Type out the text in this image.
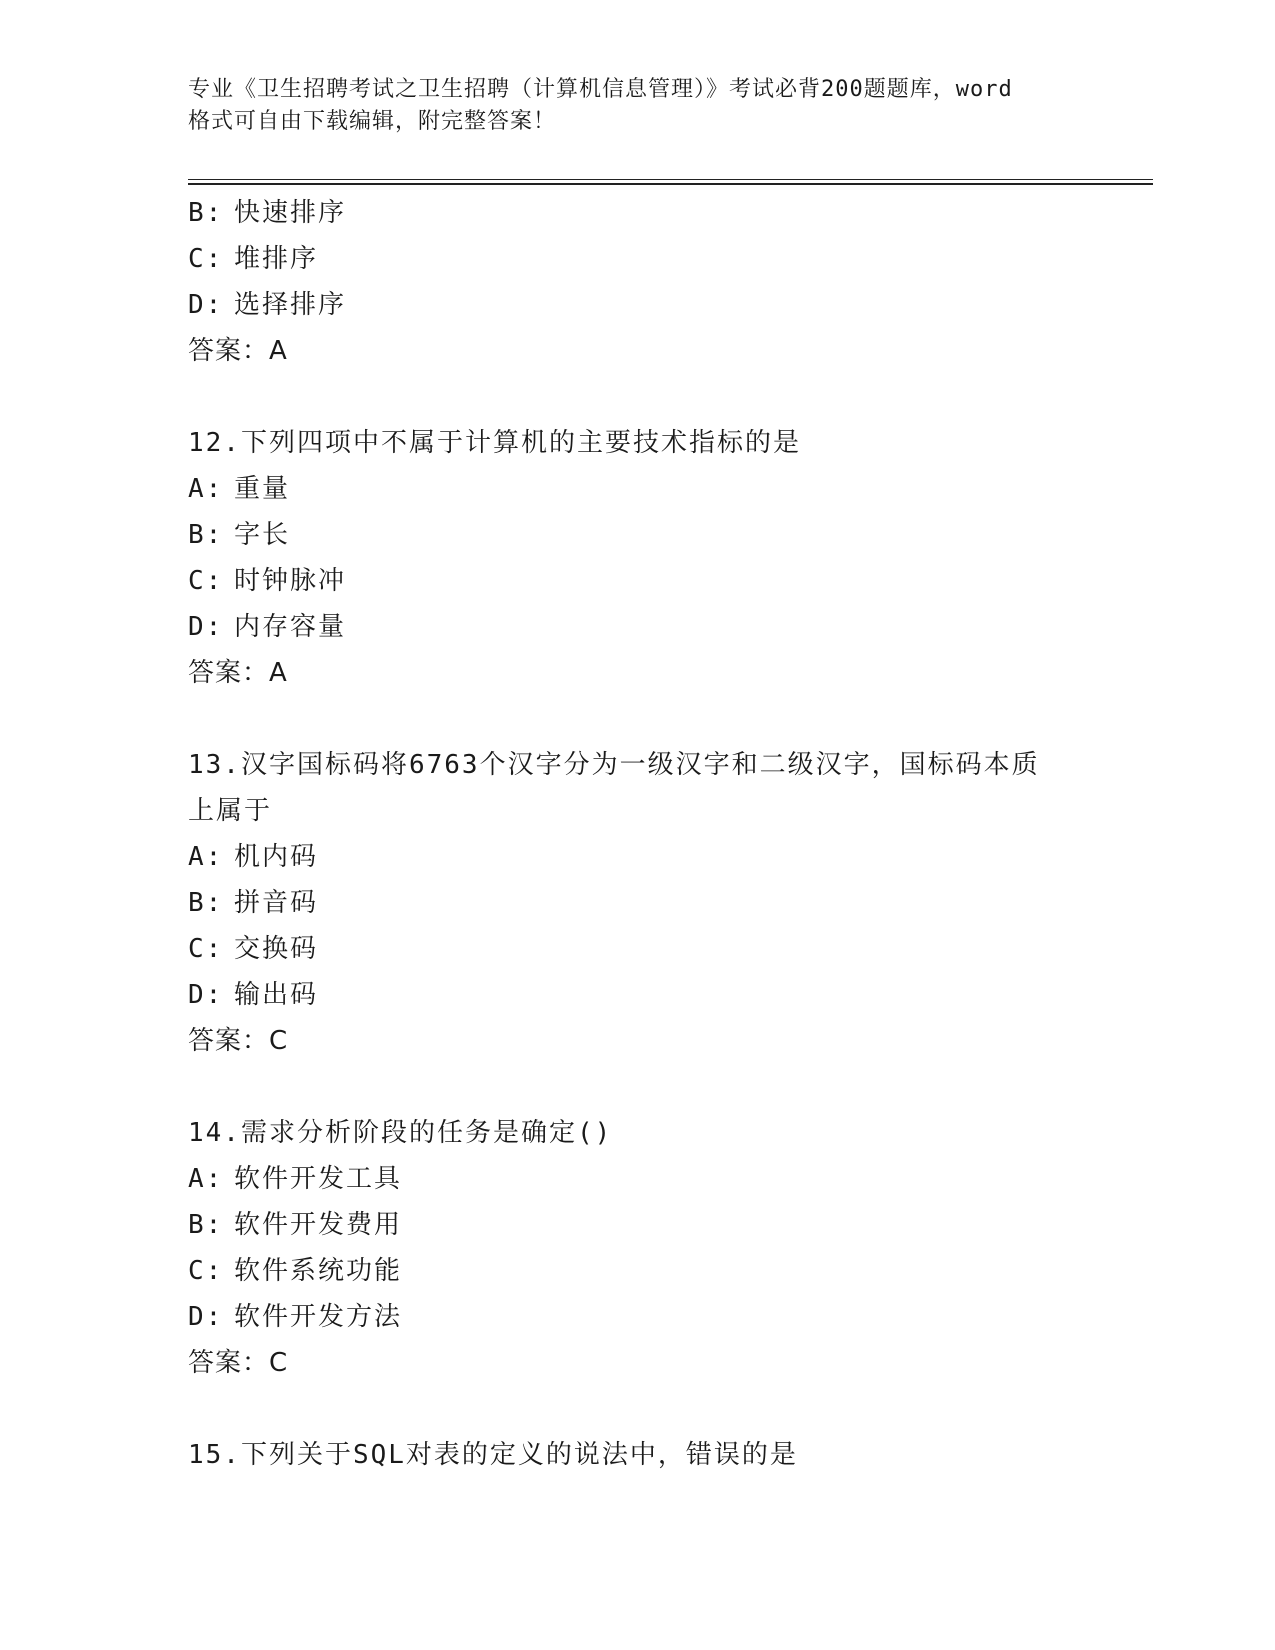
专业《卫生招聘考试之卫生招聘（计算机信息管理）》考试必背200题题库，word
格式可自由下载编辑，附完整答案！
B: 快速排序
C: 堆排序
D: 选择排序
答案：A
12.下列四项中不属于计算机的主要技术指标的是
A: 重量
B: 字长
C: 时钟脉冲
D: 内存容量
答案：A
13.汉字国标码将6763个汉字分为一级汉字和二级汉字，国标码本质
上属于
A: 机内码
B: 拼音码
C: 交换码
D: 输出码
答案：C
14.需求分析阶段的任务是确定()
A: 软件开发工具
B: 软件开发费用
C: 软件系统功能
D: 软件开发方法
答案：C
15.下列关于SQL对表的定义的说法中，错误的是
